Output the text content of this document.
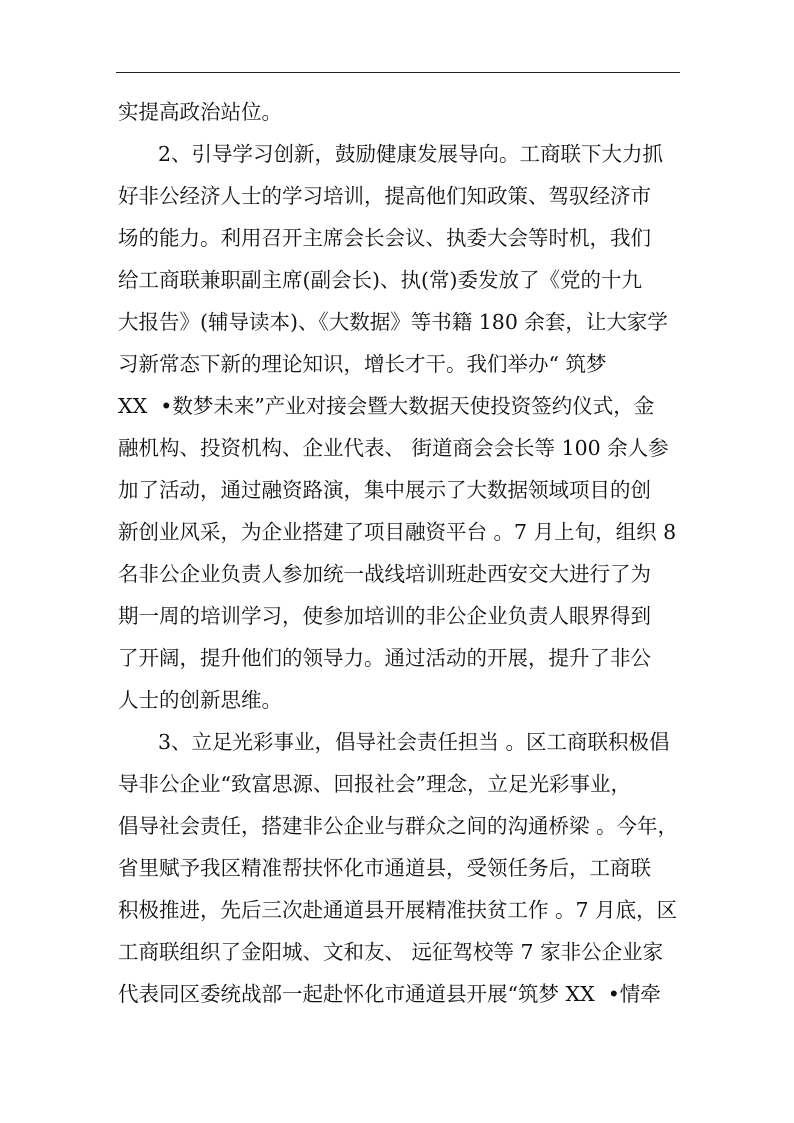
实提高政治站位。
2、引导学习创新，鼓励健康发展导向。工商联下大力抓
好非公经济人士的学习培训，提高他们知政策、驾驭经济市
场的能力。利用召开主席会长会议、执委大会等时机，我们
给工商联兼职副主席(副会长)、执(常)委发放了《党的十九
大报告》(辅导读本)、《大数据》等书籍 180 余套，让大家学
习新常态下新的理论知识，增长才干。我们举办“ 筑梦
XX  •数梦未来”产业对接会暨大数据天使投资签约仪式，金
融机构、投资机构、企业代表、 街道商会会长等 100 余人参
加了活动，通过融资路演，集中展示了大数据领域项目的创
新创业风采，为企业搭建了项目融资平台 。7 月上旬，组织 8
名非公企业负责人参加统一战线培训班赴西安交大进行了为
期一周的培训学习，使参加培训的非公企业负责人眼界得到
了开阔，提升他们的领导力。通过活动的开展，提升了非公
人士的创新思维。
3、立足光彩事业，倡导社会责任担当 。区工商联积极倡
导非公企业“致富思源、回报社会”理念，立足光彩事业，
倡导社会责任，搭建非公企业与群众之间的沟通桥梁 。今年，
省里赋予我区精准帮扶怀化市通道县，受领任务后，工商联
积极推进，先后三次赴通道县开展精准扶贫工作 。7 月底，区
工商联组织了金阳城、文和友、 远征驾校等 7 家非公企业家
代表同区委统战部一起赴怀化市通道县开展“筑梦 XX  •情牵
